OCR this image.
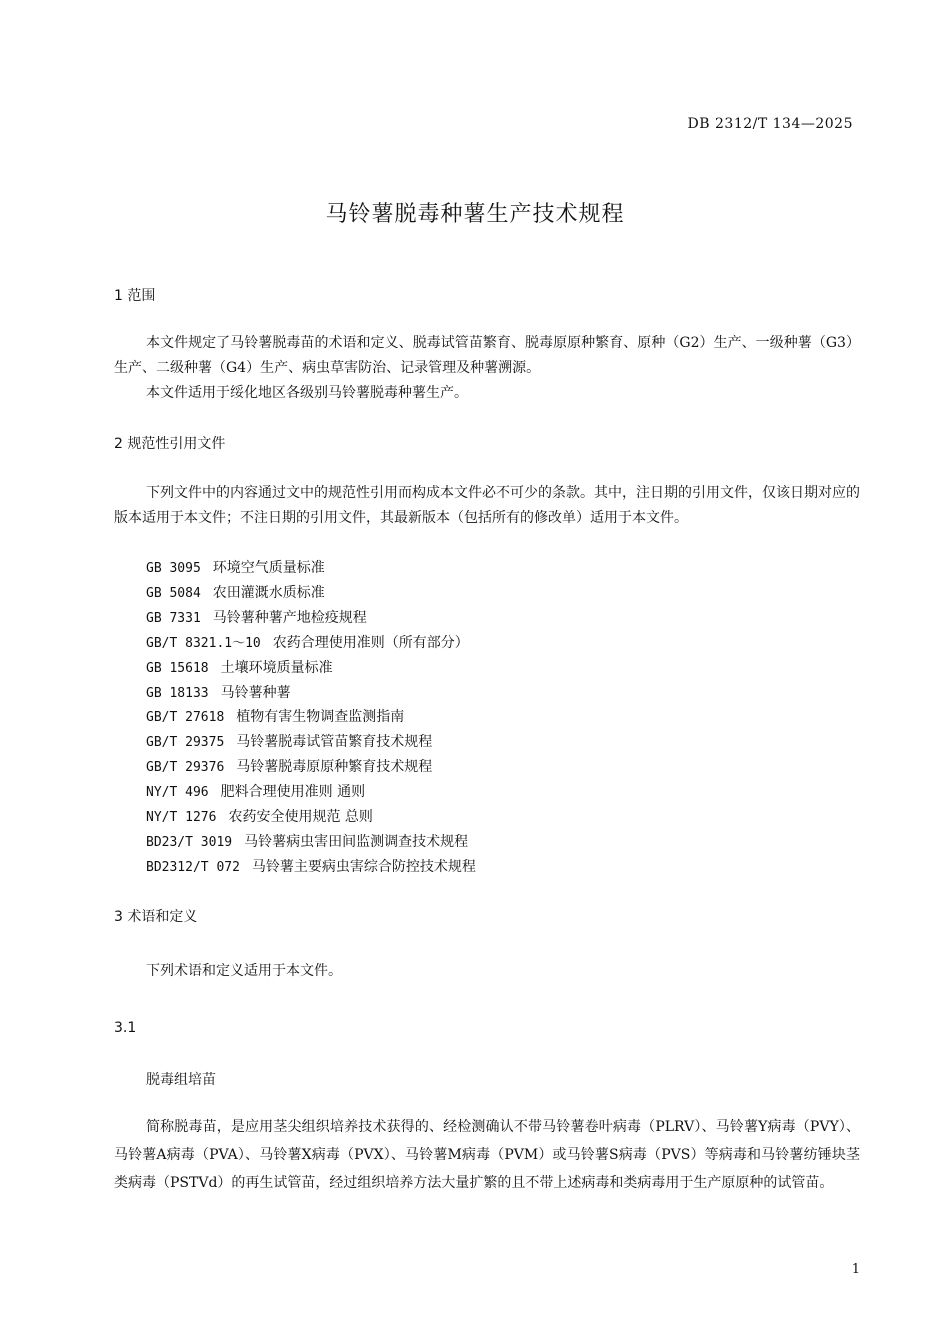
DB 2312/T 134—2025
马铃薯脱毒种薯生产技术规程
1 范围
本文件规定了马铃薯脱毒苗的术语和定义、脱毒试管苗繁育、脱毒原原种繁育、原种（G2）生产、一级种薯（G3）生产、二级种薯（G4）生产、病虫草害防治、记录管理及种薯溯源。
本文件适用于绥化地区各级别马铃薯脱毒种薯生产。
2 规范性引用文件
下列文件中的内容通过文中的规范性引用而构成本文件必不可少的条款。其中，注日期的引用文件，仅该日期对应的版本适用于本文件；不注日期的引用文件，其最新版本（包括所有的修改单）适用于本文件。
GB 3095 环境空气质量标准
GB 5084 农田灌溉水质标准
GB 7331 马铃薯种薯产地检疫规程
GB/T 8321.1～10 农药合理使用准则（所有部分）
GB 15618 土壤环境质量标准
GB 18133 马铃薯种薯
GB/T 27618 植物有害生物调查监测指南
GB/T 29375 马铃薯脱毒试管苗繁育技术规程
GB/T 29376 马铃薯脱毒原原种繁育技术规程
NY/T 496 肥料合理使用准则 通则
NY/T 1276 农药安全使用规范 总则
BD23/T 3019 马铃薯病虫害田间监测调查技术规程
BD2312/T 072 马铃薯主要病虫害综合防控技术规程
3 术语和定义
下列术语和定义适用于本文件。
3.1
脱毒组培苗
简称脱毒苗，是应用茎尖组织培养技术获得的、经检测确认不带马铃薯卷叶病毒（PLRV）、马铃薯Y病毒（PVY）、马铃薯A病毒（PVA）、马铃薯X病毒（PVX）、马铃薯M病毒（PVM）或马铃薯S病毒（PVS）等病毒和马铃薯纺锤块茎类病毒（PSTVd）的再生试管苗，经过组织培养方法大量扩繁的且不带上述病毒和类病毒用于生产原原种的试管苗。
1
